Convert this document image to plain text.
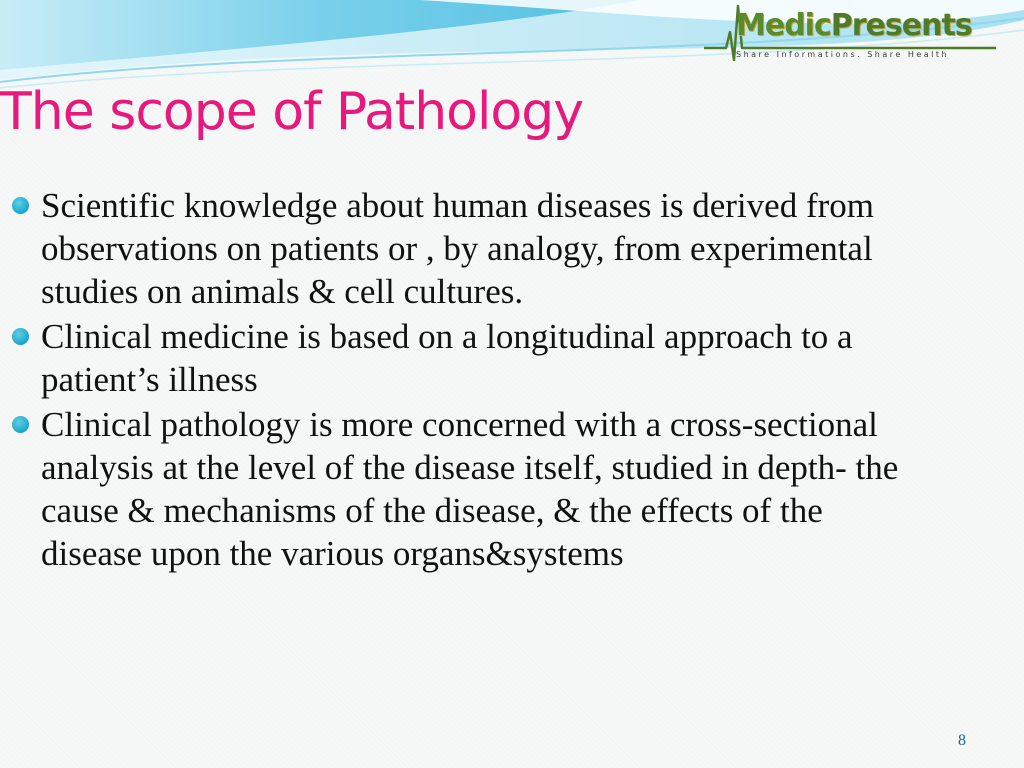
MedicPresents
Share Informations. Share Health
The scope of Pathology
Scientific knowledge about human diseases is derived from observations on patients or , by analogy, from experimental studies on animals & cell cultures.
Clinical medicine is based on a longitudinal approach to a patient’s illness
Clinical pathology is more concerned with a cross-sectional analysis at the level of the disease itself, studied in depth- the cause & mechanisms of the disease, & the effects of the disease upon the various organs&systems
8
